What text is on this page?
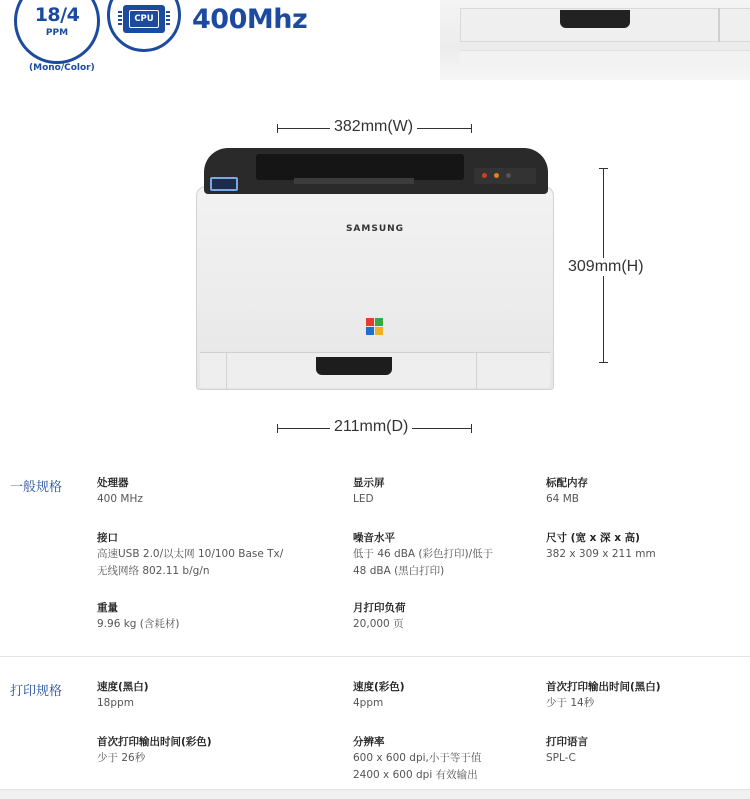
18/4
PPM
(Mono/Color)
CPU 400Mhz
382mm(W)
309mm(H)
211mm(D)
SAMSUNG
一般规格	处理器
400 MHz
显示屏
LED
标配内存
64 MB
接口
高速USB 2.0/以太网 10/100 Base Tx/
无线网络 802.11 b/g/n
噪音水平
低于 46 dBA (彩色打印)/低于
48 dBA (黑白打印)
尺寸 (宽 x 深 x 高)
382 x 309 x 211 mm
重量
9.96 kg (含耗材)
月打印负荷
20,000 页
打印规格	速度(黑白)
18ppm
速度(彩色)
4ppm
首次打印输出时间(黑白)
少于 14秒
首次打印输出时间(彩色)
少于 26秒
分辨率
600 x 600 dpi,小于等于值
2400 x 600 dpi 有效输出
打印语言
SPL-C
